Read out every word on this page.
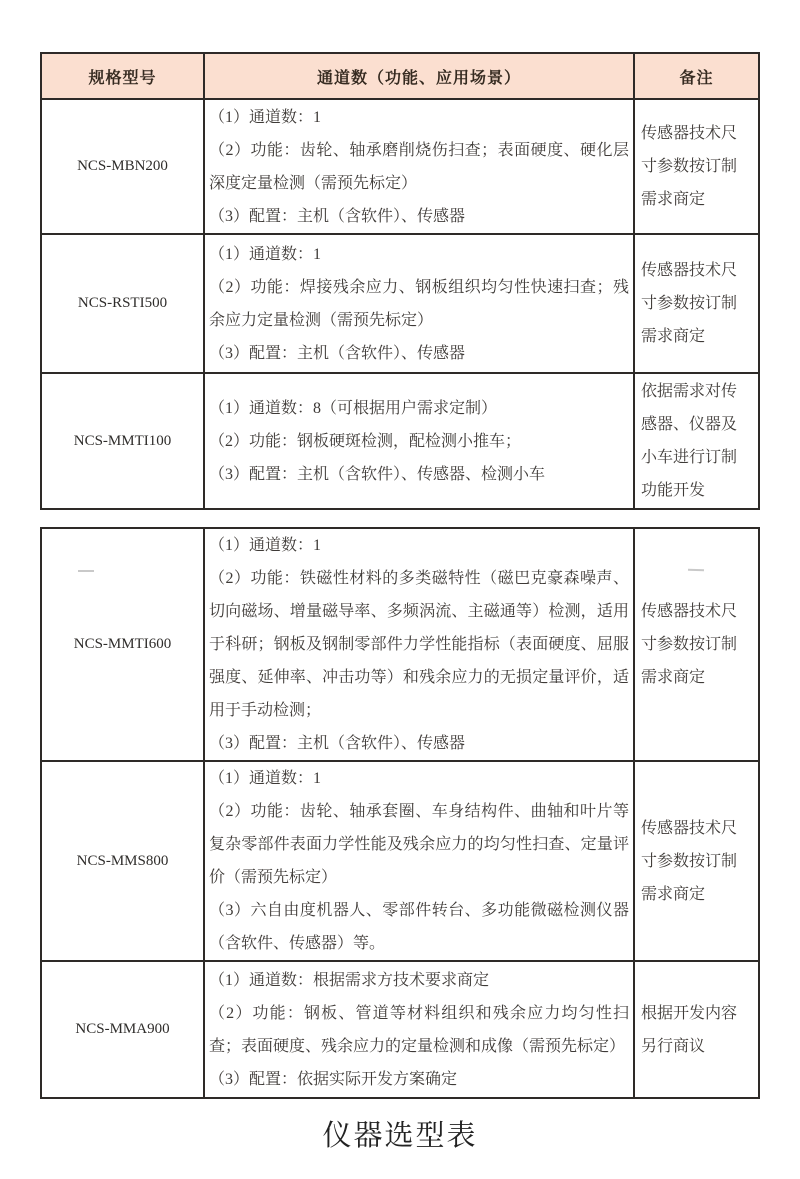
规格型号	通道数（功能、应用场景）	备注
NCS-MBN200	（1）通道数：1

（2）功能：齿轮、轴承磨削烧伤扫查；表面硬度、硬化层深度定量检测（需预先标定）

（3）配置：主机（含软件）、传感器	传感器技术尺寸参数按订制需求商定
NCS-RSTI500	（1）通道数：1

（2）功能：焊接残余应力、钢板组织均匀性快速扫查；残余应力定量检测（需预先标定）

（3）配置：主机（含软件）、传感器	传感器技术尺寸参数按订制需求商定
NCS-MMTI100	（1）通道数：8（可根据用户需求定制）

（2）功能：钢板硬斑检测，配检测小推车；

（3）配置：主机（含软件）、传感器、检测小车	依据需求对传感器、仪器及小车进行订制功能开发
NCS-MMTI600	（1）通道数：1

（2）功能：铁磁性材料的多类磁特性（磁巴克豪森噪声、切向磁场、增量磁导率、多频涡流、主磁通等）检测，适用于科研；钢板及钢制零部件力学性能指标（表面硬度、屈服强度、延伸率、冲击功等）和残余应力的无损定量评价，适用于手动检测；

（3）配置：主机（含软件）、传感器	传感器技术尺寸参数按订制需求商定
NCS-MMS800	（1）通道数：1

（2）功能：齿轮、轴承套圈、车身结构件、曲轴和叶片等复杂零部件表面力学性能及残余应力的均匀性扫查、定量评价（需预先标定）

（3）六自由度机器人、零部件转台、多功能微磁检测仪器（含软件、传感器）等。	传感器技术尺寸参数按订制需求商定
NCS-MMA900	（1）通道数：根据需求方技术要求商定

（2）功能：钢板、管道等材料组织和残余应力均匀性扫查；表面硬度、残余应力的定量检测和成像（需预先标定）

（3）配置：依据实际开发方案确定	根据开发内容另行商议
仪器选型表
